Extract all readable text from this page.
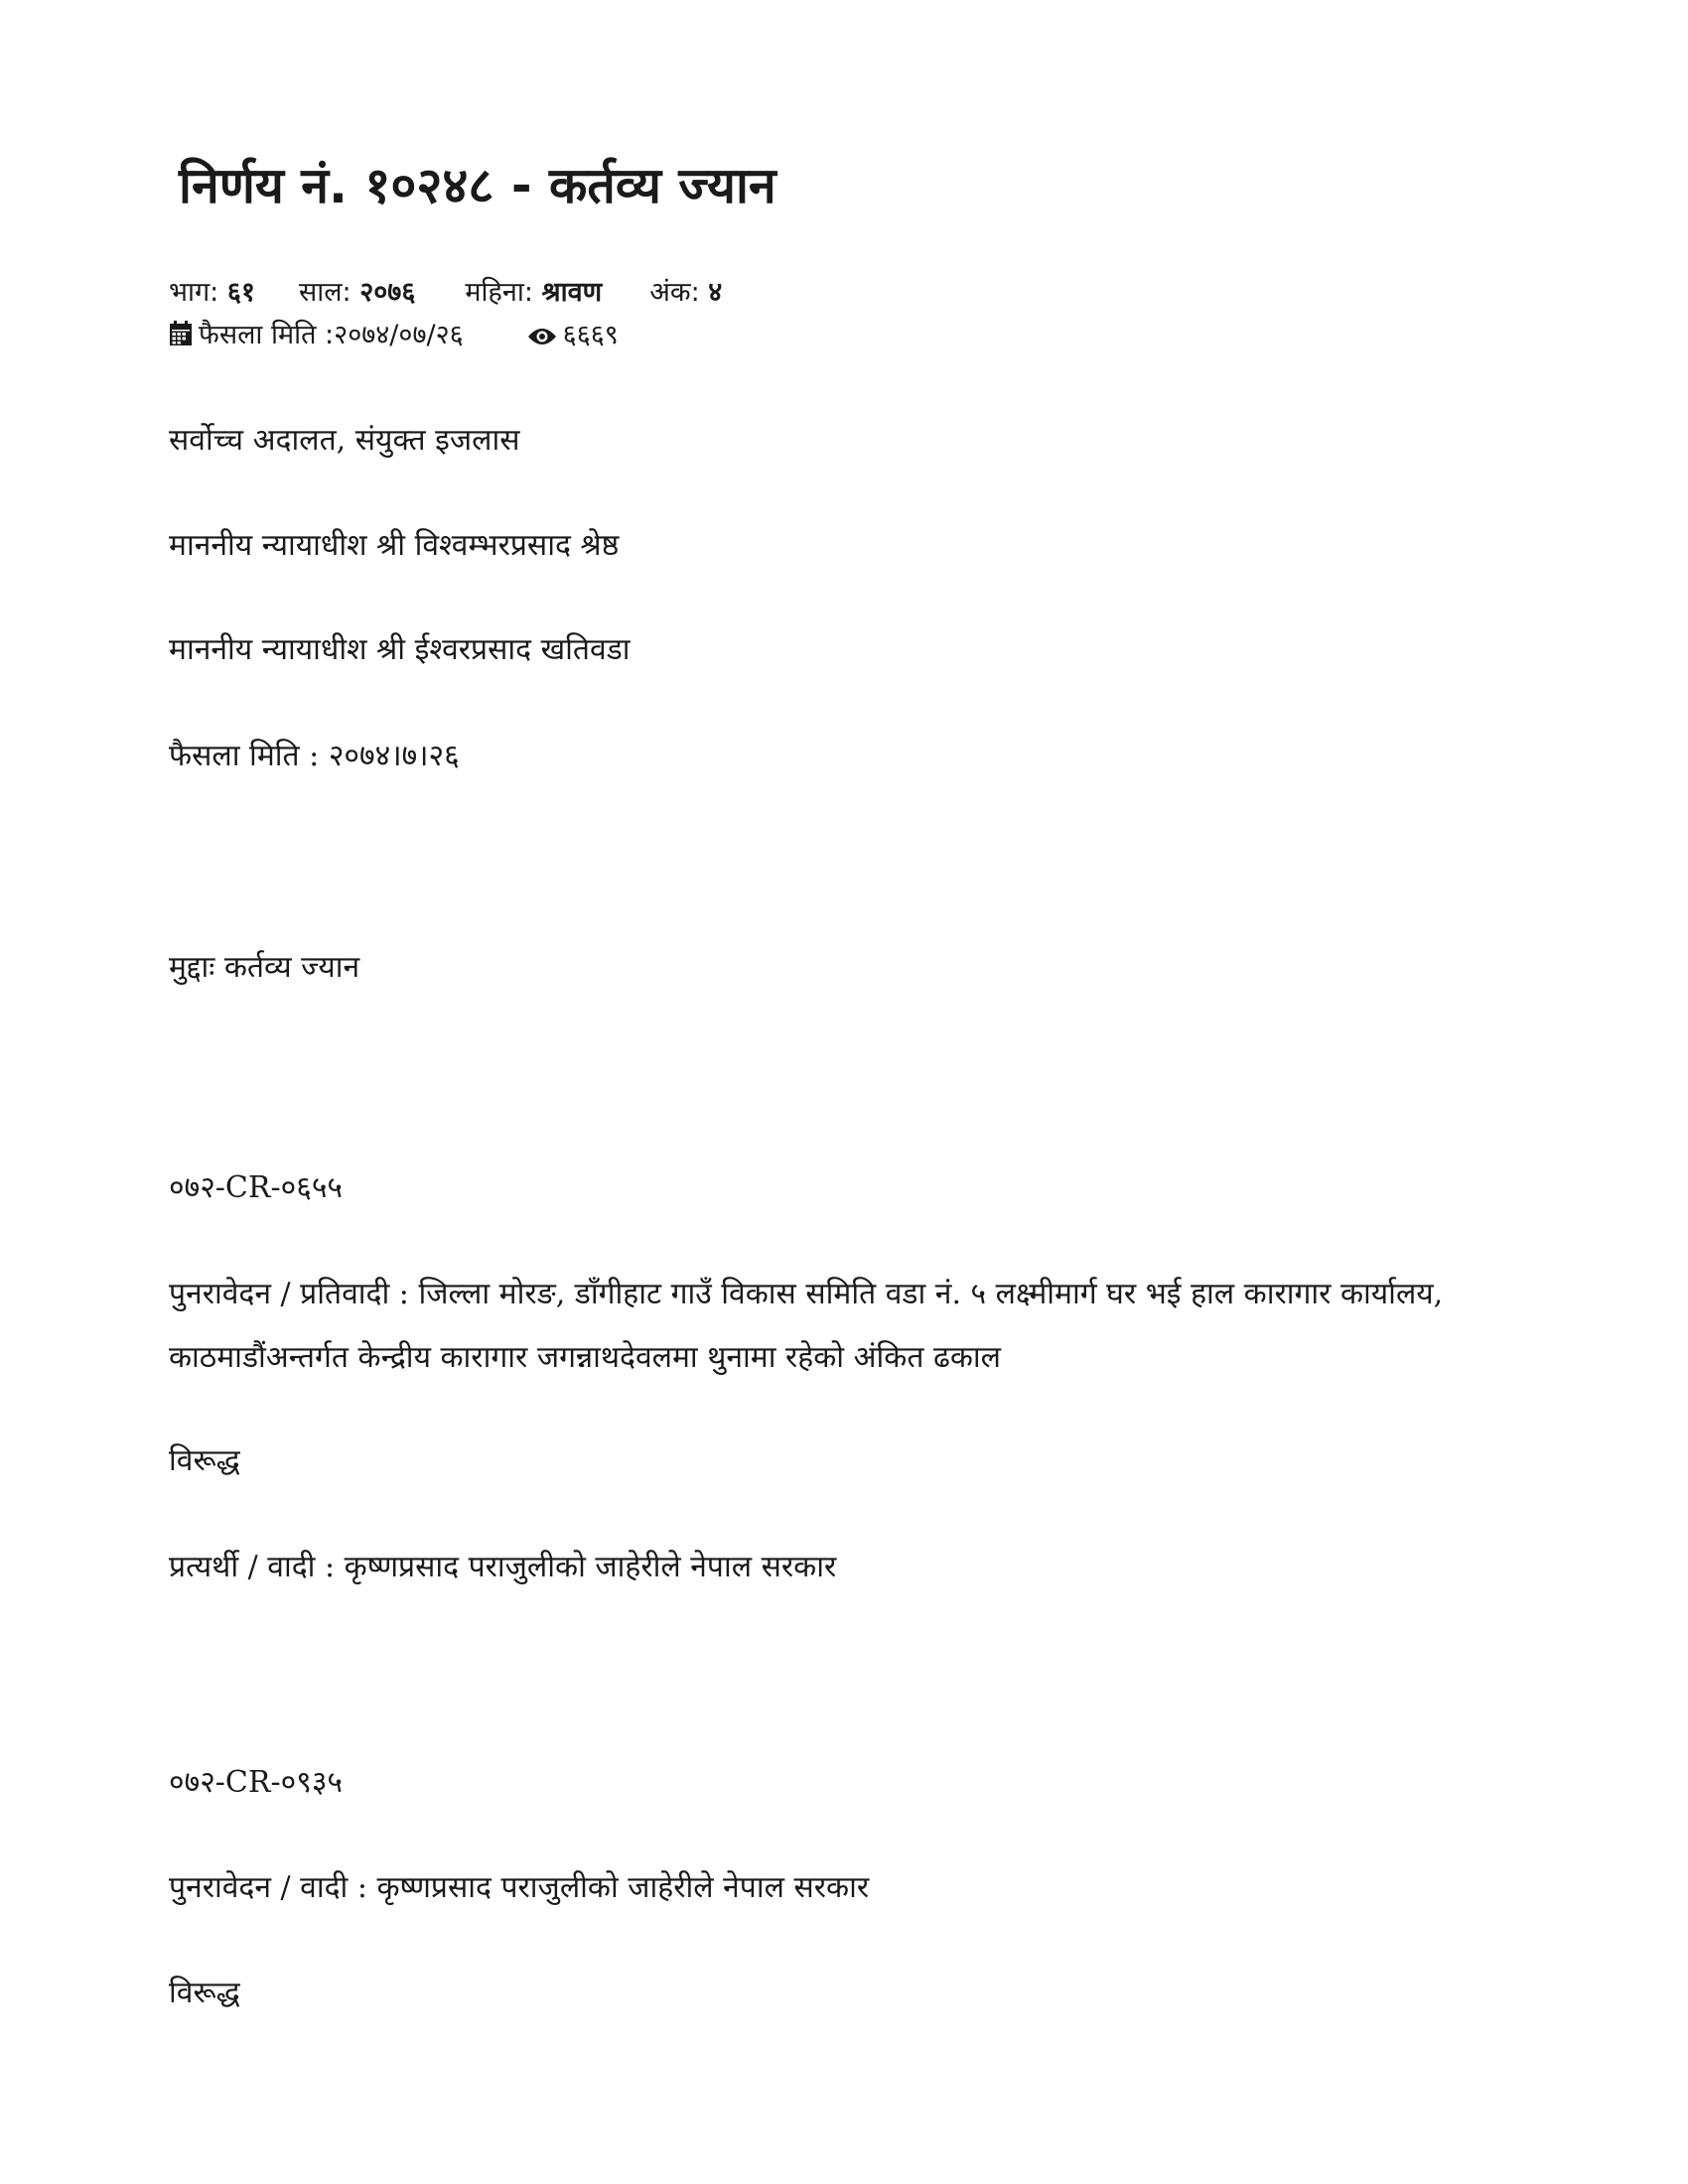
निर्णय नं. १०२४८ - कर्तव्य ज्यान
भाग: ६१ साल: २०७६ महिना: श्रावण अंक: ४
फैसला मिति :२०७४/०७/२६	६६६९

सर्वोच्च अदालत, संयुक्त इजलास

माननीय न्यायाधीश श्री विश्वम्भरप्रसाद श्रेष्ठ

माननीय न्यायाधीश श्री ईश्वरप्रसाद खतिवडा

फैसला मिति : २०७४।७।२६

मुद्दाः कर्तव्य ज्यान

०७२-CR-०६५५

पुनरावेदन / प्रतिवादी : जिल्ला मोरङ, डाँगीहाट गाउँ विकास समिति वडा नं. ५ लक्ष्मीमार्ग घर भई हाल कारागार कार्यालय, काठमाडौंअन्तर्गत केन्द्रीय कारागार जगन्नाथदेवलमा थुनामा रहेको अंकित ढकाल

विरूद्ध

प्रत्यर्थी / वादी : कृष्णप्रसाद पराजुलीको जाहेरीले नेपाल सरकार

०७२-CR-०९३५

पुनरावेदन / वादी : कृष्णप्रसाद पराजुलीको जाहेरीले नेपाल सरकार

विरूद्ध
